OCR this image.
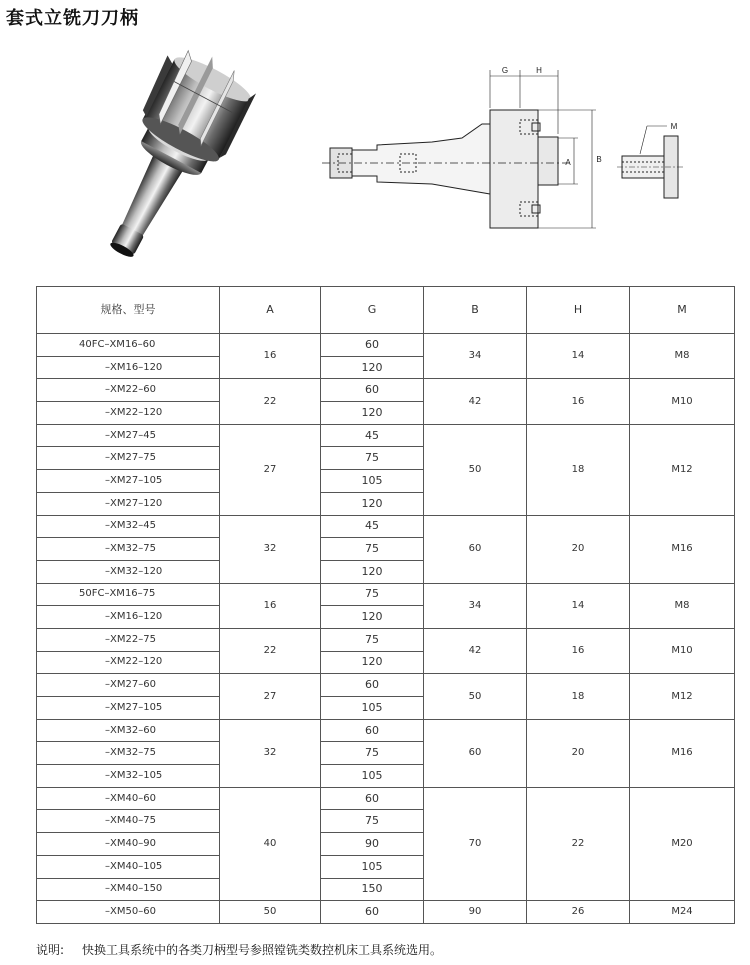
套式立铣刀刀柄
G	H
A	B
M
规格、型号	A	G	B	H	M
40FC–XM16–60	16	60	34	14	M8
–XM16–120		120			
–XM22–60	22	60	42	16	M10
–XM22–120		120			
–XM27–45	27	45	50	18	M12
–XM27–75		75			
–XM27–105		105			
–XM27–120		120			
–XM32–45	32	45	60	20	M16
–XM32–75		75			
–XM32–120		120			
50FC–XM16–75	16	75	34	14	M8
–XM16–120		120			
–XM22–75	22	75	42	16	M10
–XM22–120		120			
–XM27–60	27	60	50	18	M12
–XM27–105		105			
–XM32–60	32	60	60	20	M16
–XM32–75		75			
–XM32–105		105			
–XM40–60	40	60	70	22	M20
–XM40–75		75			
–XM40–90		90			
–XM40–105		105			
–XM40–150		150			
–XM50–60	50	60	90	26	M24
说明: 快换工具系统中的各类刀柄型号参照镗铣类数控机床工具系统选用。
